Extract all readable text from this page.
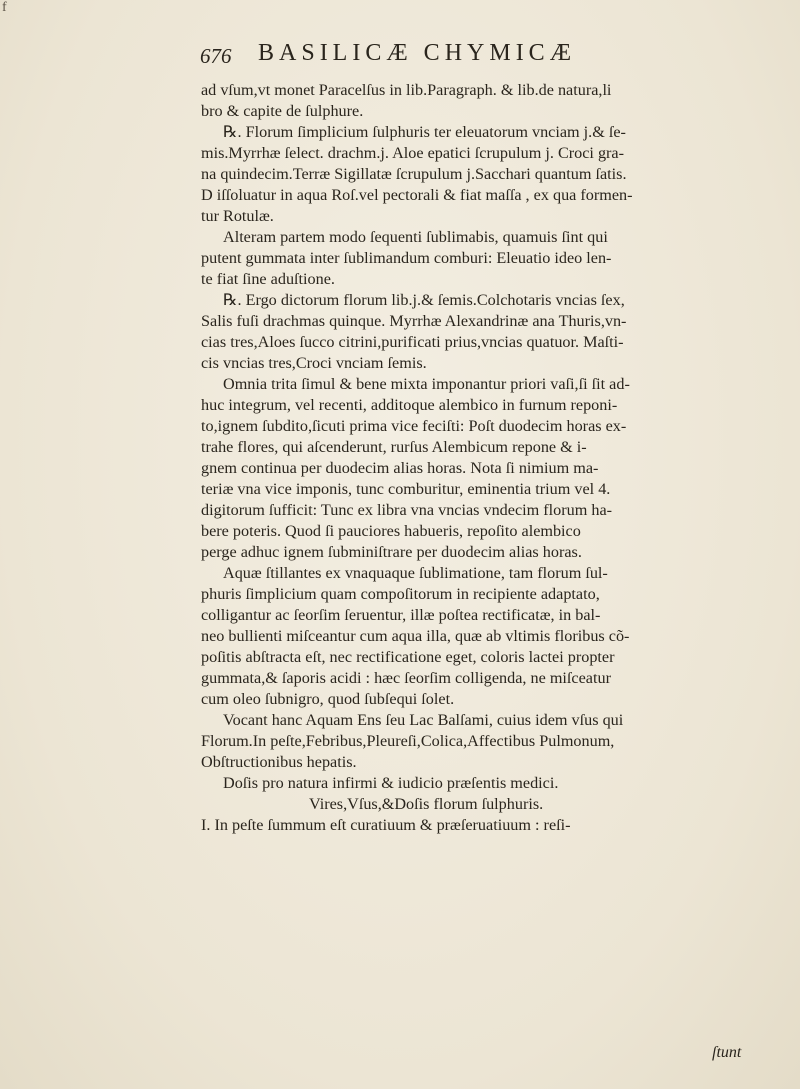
f
676 BASILICÆ CHYMICÆ
ad vſum,vt monet Paracelſus in lib.Paragraph. & lib.de natura,li
bro & capite de ſulphure.
℞. Florum ſimplicium ſulphuris ter eleuatorum vnciam j.& ſe-
mis.Myrrhæ ſelect. drachm.j. Aloe epatici ſcrupulum j. Croci gra-
na quindecim.Terræ Sigillatæ ſcrupulum j.Sacchari quantum ſatis.
D iſſoluatur in aqua Roſ.vel pectorali & fiat maſſa , ex qua formen-
tur Rotulæ.
Alteram partem modo ſequenti ſublimabis, quamuis ſint qui
putent gummata inter ſublimandum comburi: Eleuatio ideo len-
te fiat ſine aduſtione.
℞. Ergo dictorum florum lib.j.& ſemis.Colchotaris vncias ſex,
Salis fuſi drachmas quinque. Myrrhæ Alexandrinæ ana Thuris,vn-
cias tres,Aloes ſucco citrini,purificati prius,vncias quatuor. Maſti-
cis vncias tres,Croci vnciam ſemis.
Omnia trita ſimul & bene mixta imponantur priori vaſi,ſi ſit ad-
huc integrum, vel recenti, additoque alembico in furnum reponi-
to,ignem ſubdito,ſicuti prima vice feciſti: Poſt duodecim horas ex-
trahe flores, qui aſcenderunt, rurſus Alembicum repone & i-
gnem continua per duodecim alias horas. Nota ſi nimium ma-
teriæ vna vice imponis, tunc comburitur, eminentia trium vel 4.
digitorum ſufficit: Tunc ex libra vna vncias vndecim florum ha-
bere poteris. Quod ſi pauciores habueris, repoſito alembico
perge adhuc ignem ſubminiſtrare per duodecim alias horas.
Aquæ ſtillantes ex vnaquaque ſublimatione, tam florum ſul-
phuris ſimplicium quam compoſitorum in recipiente adaptato,
colligantur ac ſeorſim ſeruentur, illæ poſtea rectificatæ, in bal-
neo bullienti miſceantur cum aqua illa, quæ ab vltimis floribus cõ-
poſitis abſtracta eſt, nec rectificatione eget, coloris lactei propter
gummata,& ſaporis acidi : hæc ſeorſim colligenda, ne miſceatur
cum oleo ſubnigro, quod ſubſequi ſolet.
Vocant hanc Aquam Ens ſeu Lac Balſami, cuius idem vſus qui
Florum.In peſte,Febribus,Pleureſi,Colica,Affectibus Pulmonum,
Obſtructionibus hepatis.
Doſis pro natura infirmi & iudicio præſentis medici.
Vires,Vſus,&Doſis florum ſulphuris.
I. In peſte ſummum eſt curatiuum & præſeruatiuum : reſi-
ſtunt
